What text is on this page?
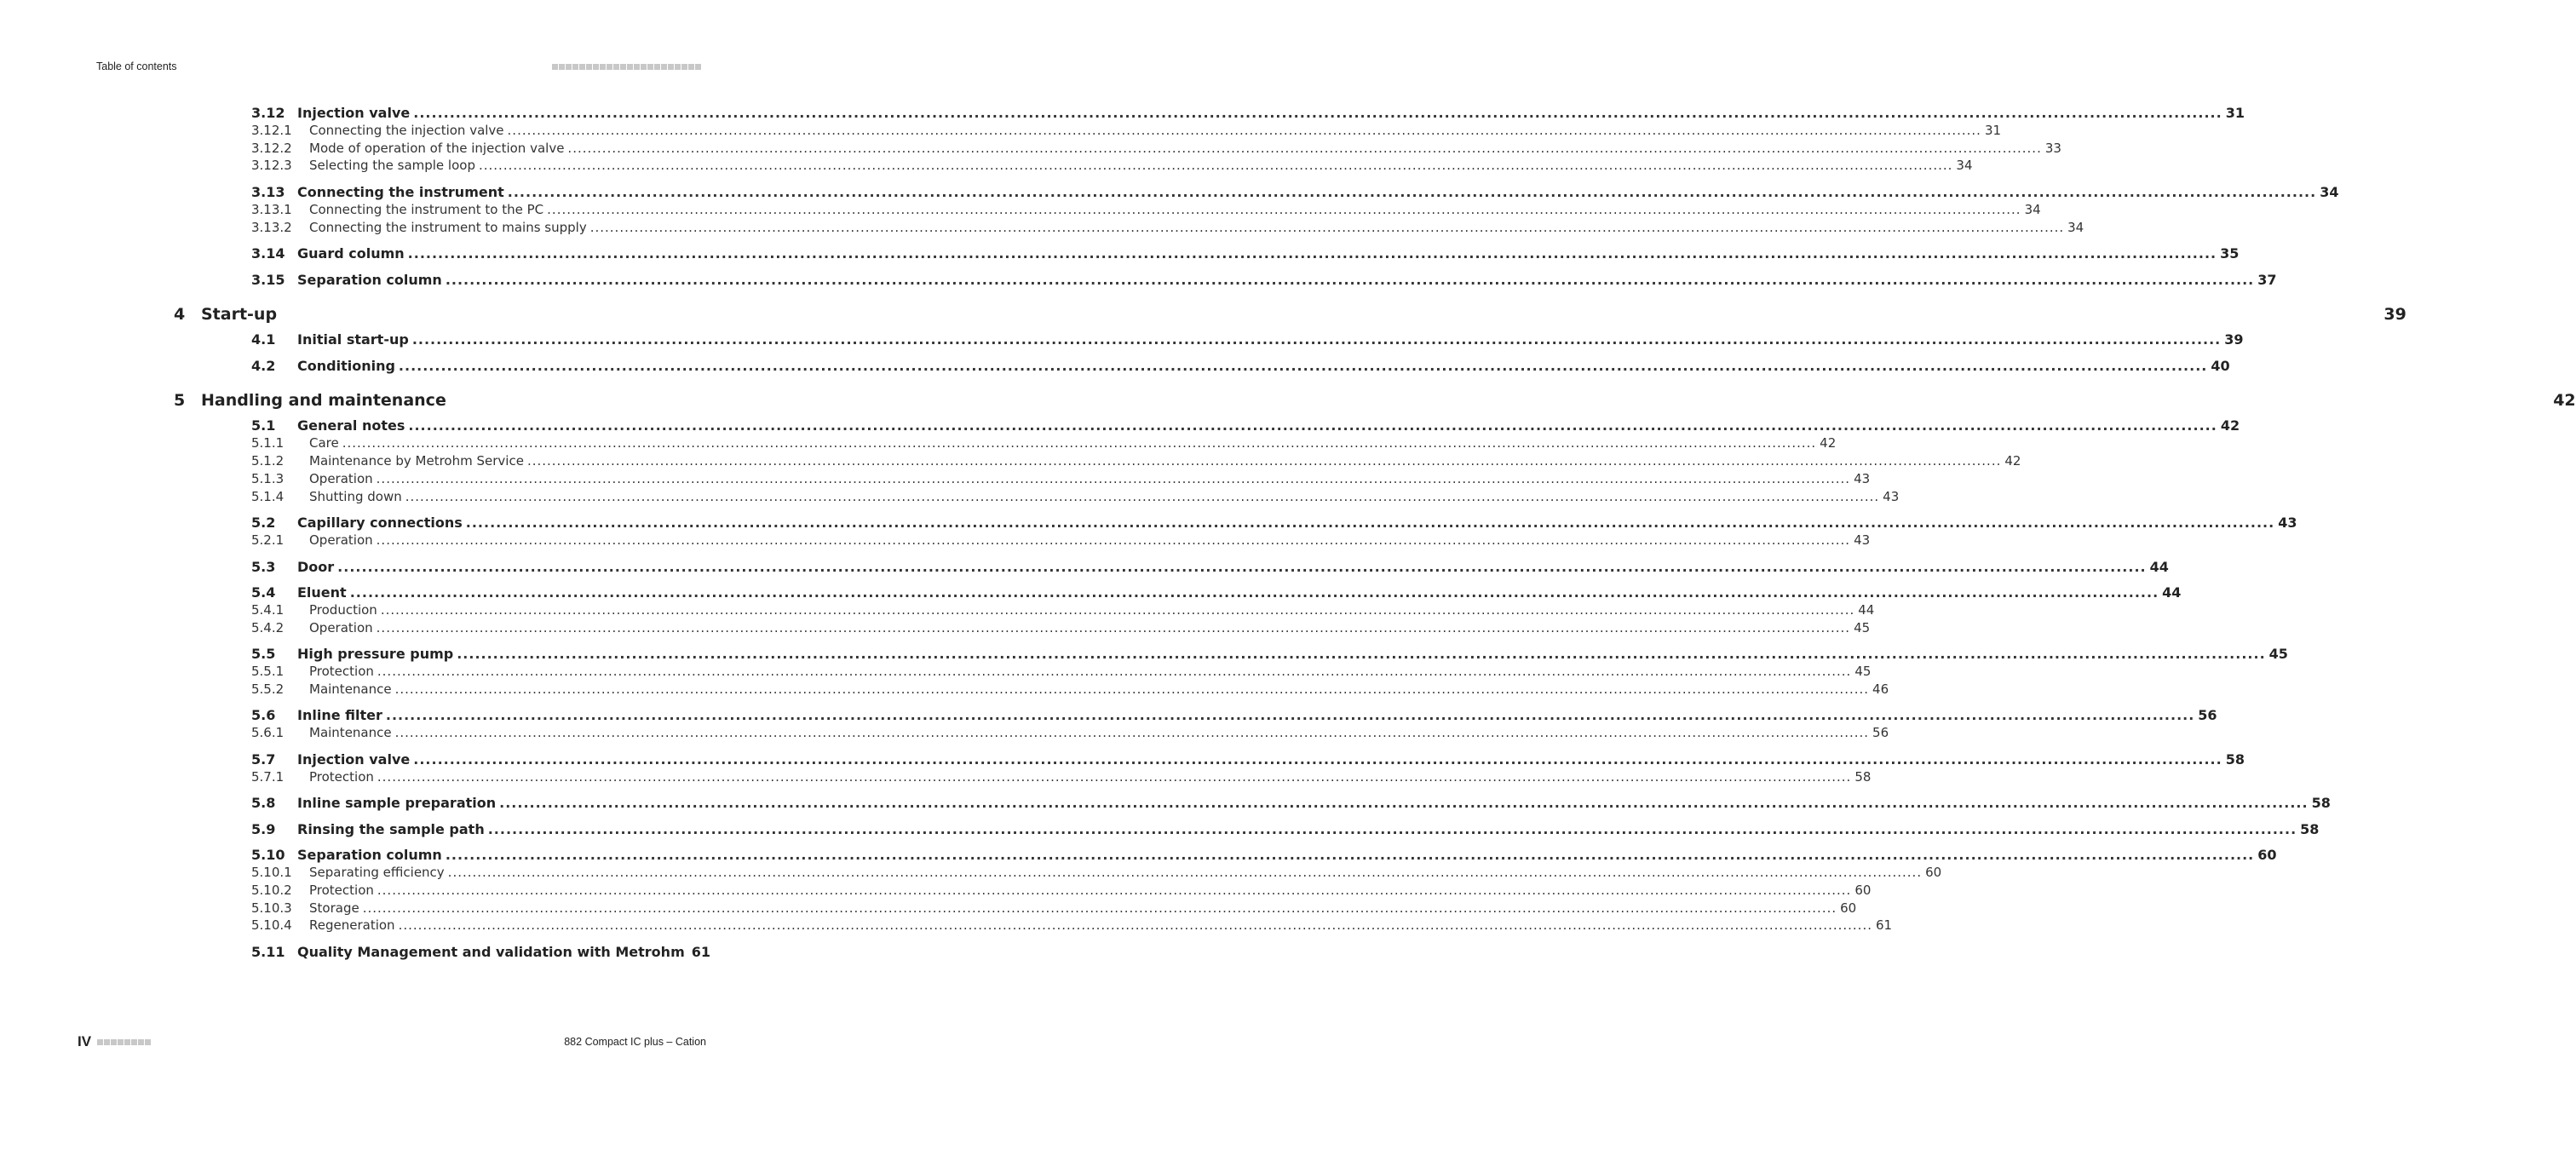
Table of contents
3.12 Injection valve ............................................................................................................................................................................................................................................................................................................ 31
3.12.1 Connecting the injection valve ............................................................................................................................................................................................................................................................................................................ 31
3.12.2 Mode of operation of the injection valve ............................................................................................................................................................................................................................................................................................................ 33
3.12.3 Selecting the sample loop ............................................................................................................................................................................................................................................................................................................ 34
3.13 Connecting the instrument ............................................................................................................................................................................................................................................................................................................ 34
3.13.1 Connecting the instrument to the PC ............................................................................................................................................................................................................................................................................................................ 34
3.13.2 Connecting the instrument to mains supply ............................................................................................................................................................................................................................................................................................................ 34
3.14 Guard column ............................................................................................................................................................................................................................................................................................................ 35
3.15 Separation column ............................................................................................................................................................................................................................................................................................................ 37
4 Start-up	39
4.1 Initial start-up ............................................................................................................................................................................................................................................................................................................ 39
4.2 Conditioning ............................................................................................................................................................................................................................................................................................................ 40
5 Handling and maintenance	42
5.1 General notes ............................................................................................................................................................................................................................................................................................................ 42
5.1.1 Care ............................................................................................................................................................................................................................................................................................................ 42
5.1.2 Maintenance by Metrohm Service ............................................................................................................................................................................................................................................................................................................ 42
5.1.3 Operation ............................................................................................................................................................................................................................................................................................................ 43
5.1.4 Shutting down ............................................................................................................................................................................................................................................................................................................ 43
5.2 Capillary connections ............................................................................................................................................................................................................................................................................................................ 43
5.2.1 Operation ............................................................................................................................................................................................................................................................................................................ 43
5.3 Door ............................................................................................................................................................................................................................................................................................................ 44
5.4 Eluent ............................................................................................................................................................................................................................................................................................................ 44
5.4.1 Production ............................................................................................................................................................................................................................................................................................................ 44
5.4.2 Operation ............................................................................................................................................................................................................................................................................................................ 45
5.5 High pressure pump ............................................................................................................................................................................................................................................................................................................ 45
5.5.1 Protection ............................................................................................................................................................................................................................................................................................................ 45
5.5.2 Maintenance ............................................................................................................................................................................................................................................................................................................ 46
5.6 Inline filter ............................................................................................................................................................................................................................................................................................................ 56
5.6.1 Maintenance ............................................................................................................................................................................................................................................................................................................ 56
5.7 Injection valve ............................................................................................................................................................................................................................................................................................................ 58
5.7.1 Protection ............................................................................................................................................................................................................................................................................................................ 58
5.8 Inline sample preparation ............................................................................................................................................................................................................................................................................................................ 58
5.9 Rinsing the sample path ............................................................................................................................................................................................................................................................................................................ 58
5.10 Separation column ............................................................................................................................................................................................................................................................................................................ 60
5.10.1 Separating efficiency ............................................................................................................................................................................................................................................................................................................ 60
5.10.2 Protection ............................................................................................................................................................................................................................................................................................................ 60
5.10.3 Storage ............................................................................................................................................................................................................................................................................................................ 60
5.10.4 Regeneration ............................................................................................................................................................................................................................................................................................................ 61
5.11 Quality Management and validation with Metrohm 61
IV	882 Compact IC plus – Cation
